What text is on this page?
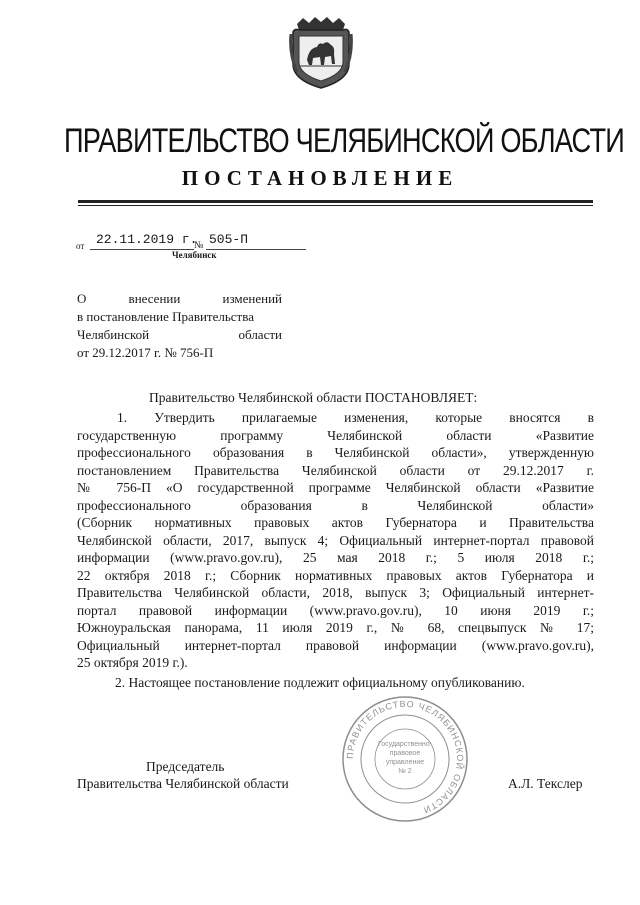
ПРАВИТЕЛЬСТВО ЧЕЛЯБИНСКОЙ ОБЛАСТИ
ПОСТАНОВЛЕНИЕ
от 22.11.2019 г.
№ 505-П
Челябинск
О внесении изменений
в постановление Правительства
Челябинской области
от 29.12.2017 г. № 756-П
Правительство Челябинской области ПОСТАНОВЛЯЕТ:
1. Утвердить прилагаемые изменения, которые вносятся в
государственную программу Челябинской области «Развитие
профессионального образования в Челябинской области», утвержденную
постановлением Правительства Челябинской области от 29.12.2017 г.
№ 756-П «О государственной программе Челябинской области «Развитие
профессионального образования в Челябинской области»
(Сборник нормативных правовых актов Губернатора и Правительства
Челябинской области, 2017, выпуск 4; Официальный интернет-портал правовой
информации (www.pravo.gov.ru), 25 мая 2018 г.; 5 июля 2018 г.;
22 октября 2018 г.; Сборник нормативных правовых актов Губернатора и
Правительства Челябинской области, 2018, выпуск 3; Официальный интернет-
портал правовой информации (www.pravo.gov.ru), 10 июня 2019 г.;
Южноуральская панорама, 11 июля 2019 г., № 68, спецвыпуск № 17;
Официальный интернет-портал правовой информации (www.pravo.gov.ru),
25 октября 2019 г.).
2. Настоящее постановление подлежит официальному опубликованию.
ПРАВИТЕЛЬСТВО ЧЕЛЯБИНСКОЙ ОБЛАСТИ
Государственно-
правовое
управление
№ 2
Председатель
Правительства Челябинской области	А.Л. Текслер
